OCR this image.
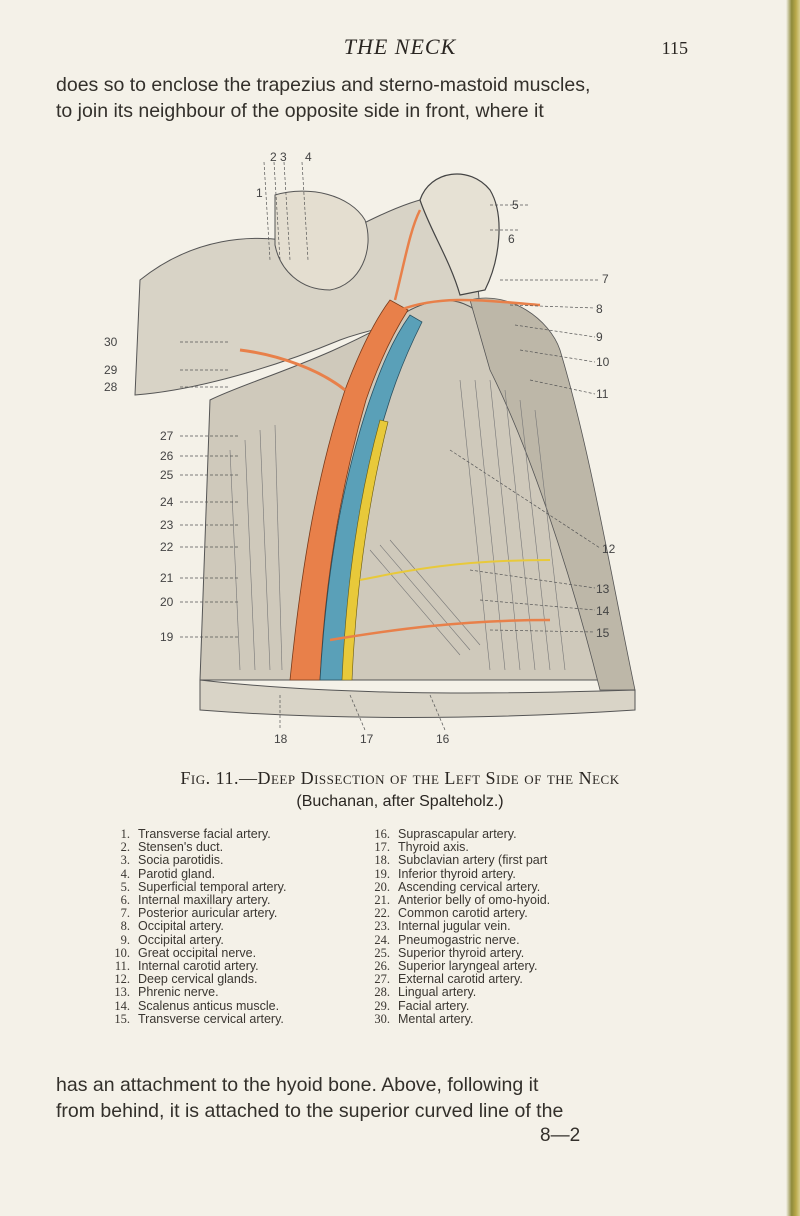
THE NECK	115
does so to enclose the trapezius and sterno-mastoid muscles,
to join its neighbour of the opposite side in front, where it
2 3 4
1
5
6
7
8
9
10
11
12
13
14
15
16
17
18
19
20
21
22
23
24
25
26
27
28
29
30
Fig. 11.—Deep Dissection of the Left Side of the Neck
(Buchanan, after Spalteholz.)
1. Transverse facial artery.
2. Stensen's duct.
3. Socia parotidis.
4. Parotid gland.
5. Superficial temporal artery.
6. Internal maxillary artery.
7. Posterior auricular artery.
8. Occipital artery.
9. Occipital artery.
10. Great occipital nerve.
11. Internal carotid artery.
12. Deep cervical glands.
13. Phrenic nerve.
14. Scalenus anticus muscle.
15. Transverse cervical artery.
16. Suprascapular artery.
17. Thyroid axis.
18. Subclavian artery (first part
19. Inferior thyroid artery.
20. Ascending cervical artery.
21. Anterior belly of omo-hyoid.
22. Common carotid artery.
23. Internal jugular vein.
24. Pneumogastric nerve.
25. Superior thyroid artery.
26. Superior laryngeal artery.
27. External carotid artery.
28. Lingual artery.
29. Facial artery.
30. Mental artery.
has an attachment to the hyoid bone. Above, following it
from behind, it is attached to the superior curved line of the
8—2
